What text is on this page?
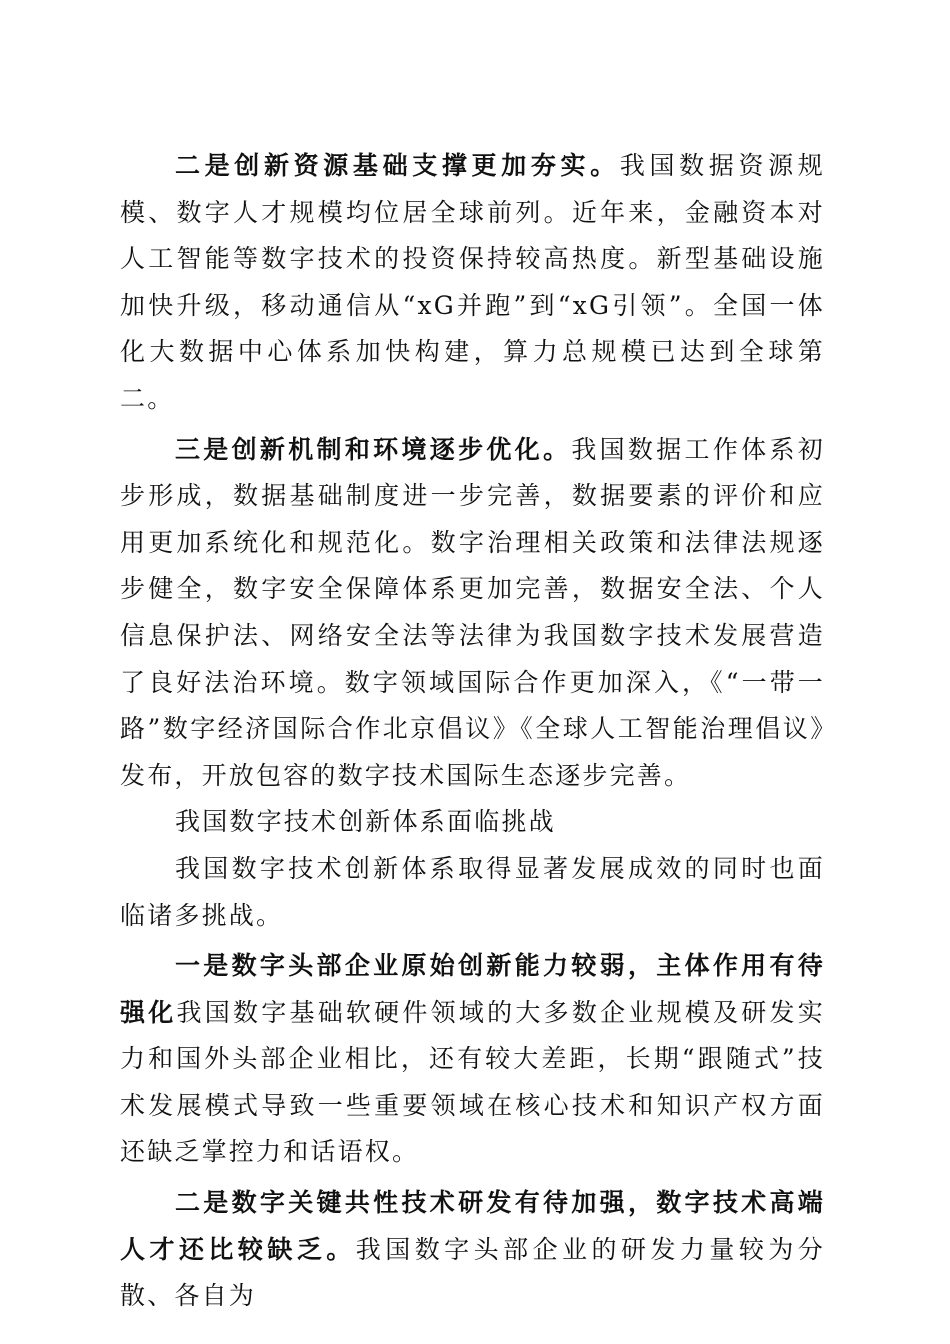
二是创新资源基础支撑更加夯实。我国数据资源规模、数字人才规模均位居全球前列。近年来，金融资本对人工智能等数字技术的投资保持较高热度。新型基础设施加快升级，移动通信从“xG并跑”到“xG引领”。全国一体化大数据中心体系加快构建，算力总规模已达到全球第二。

三是创新机制和环境逐步优化。我国数据工作体系初步形成，数据基础制度进一步完善，数据要素的评价和应用更加系统化和规范化。数字治理相关政策和法律法规逐步健全，数字安全保障体系更加完善，数据安全法、个人信息保护法、网络安全法等法律为我国数字技术发展营造了良好法治环境。数字领域国际合作更加深入，《“一带一路”数字经济国际合作北京倡议》《全球人工智能治理倡议》发布，开放包容的数字技术国际生态逐步完善。

我国数字技术创新体系面临挑战

我国数字技术创新体系取得显著发展成效的同时也面临诸多挑战。

一是数字头部企业原始创新能力较弱，主体作用有待强化我国数字基础软硬件领域的大多数企业规模及研发实力和国外头部企业相比，还有较大差距，长期“跟随式”技术发展模式导致一些重要领域在核心技术和知识产权方面还缺乏掌控力和话语权。

二是数字关键共性技术研发有待加强，数字技术高端人才还比较缺乏。我国数字头部企业的研发力量较为分散、各自为
